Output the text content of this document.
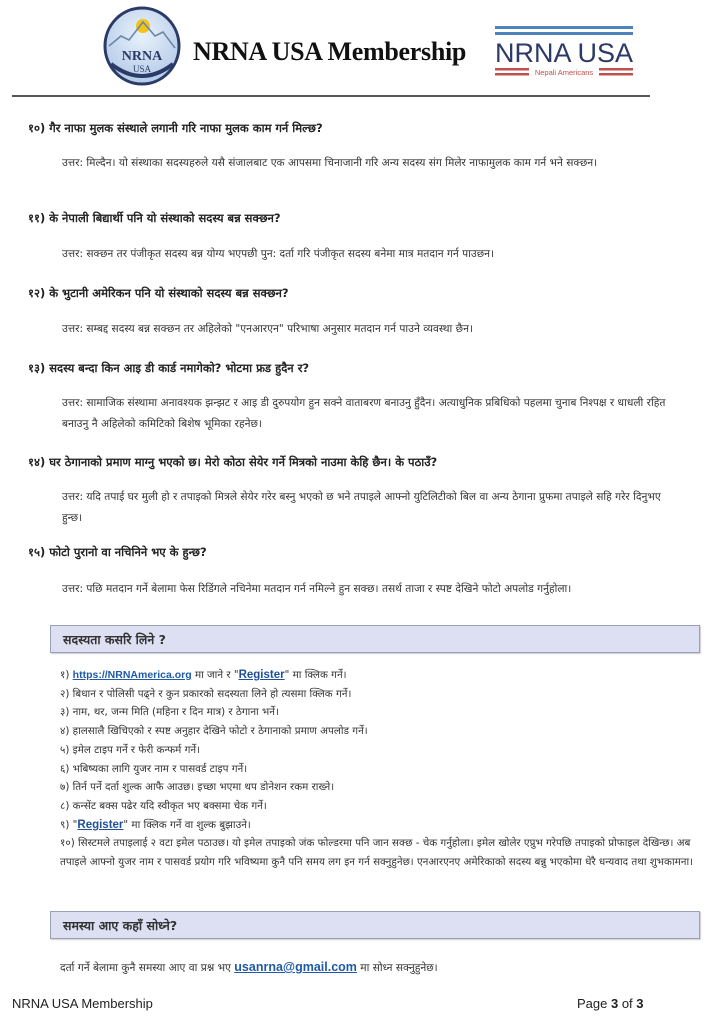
NRNA
USA
NRNA USA Membership NRNA USA
Nepali Americans
१०) गैर नाफा मुलक संस्थाले लगानी गरि नाफा मुलक काम गर्न मिल्छ?
उत्तर: मिल्दैन। यो संस्थाका सदस्यहरुले यसै संजालबाट एक आपसमा चिनाजानी गरि अन्य सदस्य संग मिलेर नाफामुलक काम गर्न भने सक्छन।
११) के नेपाली बिद्यार्थी पनि यो संस्थाको सदस्य बन्न सक्छन?
उत्तर: सक्छन तर पंजीकृत सदस्य बन्न योग्य भएपछी पुन: दर्ता गरि पंजीकृत सदस्य बनेमा मात्र मतदान गर्न पाउछन।
१२) के भुटानी अमेरिकन पनि यो संस्थाको सदस्य बन्न सक्छन?
उत्तर: सम्बद्द सदस्य बन्न सक्छन तर अहिलेको "एनआरएन" परिभाषा अनुसार मतदान गर्न पाउने व्यवस्था छैन।
१३) सदस्य बन्दा किन आइ डी कार्ड नमागेको? भोटमा फ्रड हुदैन र?
उत्तर: सामाजिक संस्थामा अनावश्यक झन्झट र आइ डी दुरुपयोग हुन सक्ने वाताबरण बनाउनु हुँदैन। अत्याधुनिक प्रबिधिको पहलमा चुनाब निश्पक्ष र धाधली रहित बनाउनु नै अहिलेको कमिटिको बिशेष भूमिका रहनेछ।
१४) घर ठेगानाको प्रमाण माग्नु भएको छ। मेरो कोठा सेयेर गर्ने मित्रको नाउमा केहि छैन। के पठाउँ?
उत्तर: यदि तपाई घर मुली हो र तपाइको मित्रले सेयेर गरेर बस्नु भएको छ भने तपाइले आफ्नो युटिलिटीको बिल वा अन्य ठेगाना प्रुफमा तपाइले सहि गरेर दिनुभए हुन्छ।
१५) फोटो पुरानो वा नचिनिने भए के हुन्छ?
उत्तर: पछि मतदान गर्ने बेलामा फेस रिडिंगले नचिनेमा मतदान गर्न नमिल्ने हुन सक्छ। तसर्थ ताजा र स्पष्ट देखिने फोटो अपलोड गर्नुहोला।
सदस्यता कसरि लिने ?
१) https://NRNAmerica.org मा जाने र "Register" मा क्लिक गर्ने।
२) बिधान र पोलिसी पढ्ने र कुन प्रकारको सदस्यता लिने हो त्यसमा क्लिक गर्ने।
३) नाम, थर, जन्म मिति (महिना र दिन मात्र) र ठेगाना भर्ने।
४) हालसालै खिचिएको र स्पष्ट अनुहार देखिने फोटो र ठेगानाको प्रमाण अपलोड गर्ने।
५) इमेल टाइप गर्ने र फेरी कन्फर्म गर्ने।
६) भबिष्यका लागि युजर नाम र पासवर्ड टाइप गर्ने।
७) तिर्न पर्ने दर्ता शुल्क आफै आउछ। इच्छा भएमा थप डोनेशन रकम राख्ने।
८) कन्सेंट बक्स पढेर यदि स्वीकृत भए बक्समा चेक गर्ने।
९) "Register" मा क्लिक गर्ने वा शुल्क बुझाउने।
१०) सिस्टमले तपाइलाई २ वटा इमेल पठाउछ। यो इमेल तपाइको जंक फोल्डरमा पनि जान सक्छ - चेक गर्नुहोला। इमेल खोलेर एप्रुभ गरेपछि तपाइको प्रोफाइल देखिन्छ। अब तपाइले आफ्नो युजर नाम र पासवर्ड प्रयोग गरि भविष्यमा कुनै पनि समय लग इन गर्न सक्नुहुनेछ। एनआरएनए अमेरिकाको सदस्य बन्नु भएकोमा धेरै धन्यवाद तथा शुभकामना।
समस्या आए कहाँ सोध्ने?
दर्ता गर्ने बेलामा कुनै समस्या आए वा प्रश्न भए usanrna@gmail.com मा सोध्न सक्नुहुनेछ।
NRNA USA Membership	Page 3 of 3
